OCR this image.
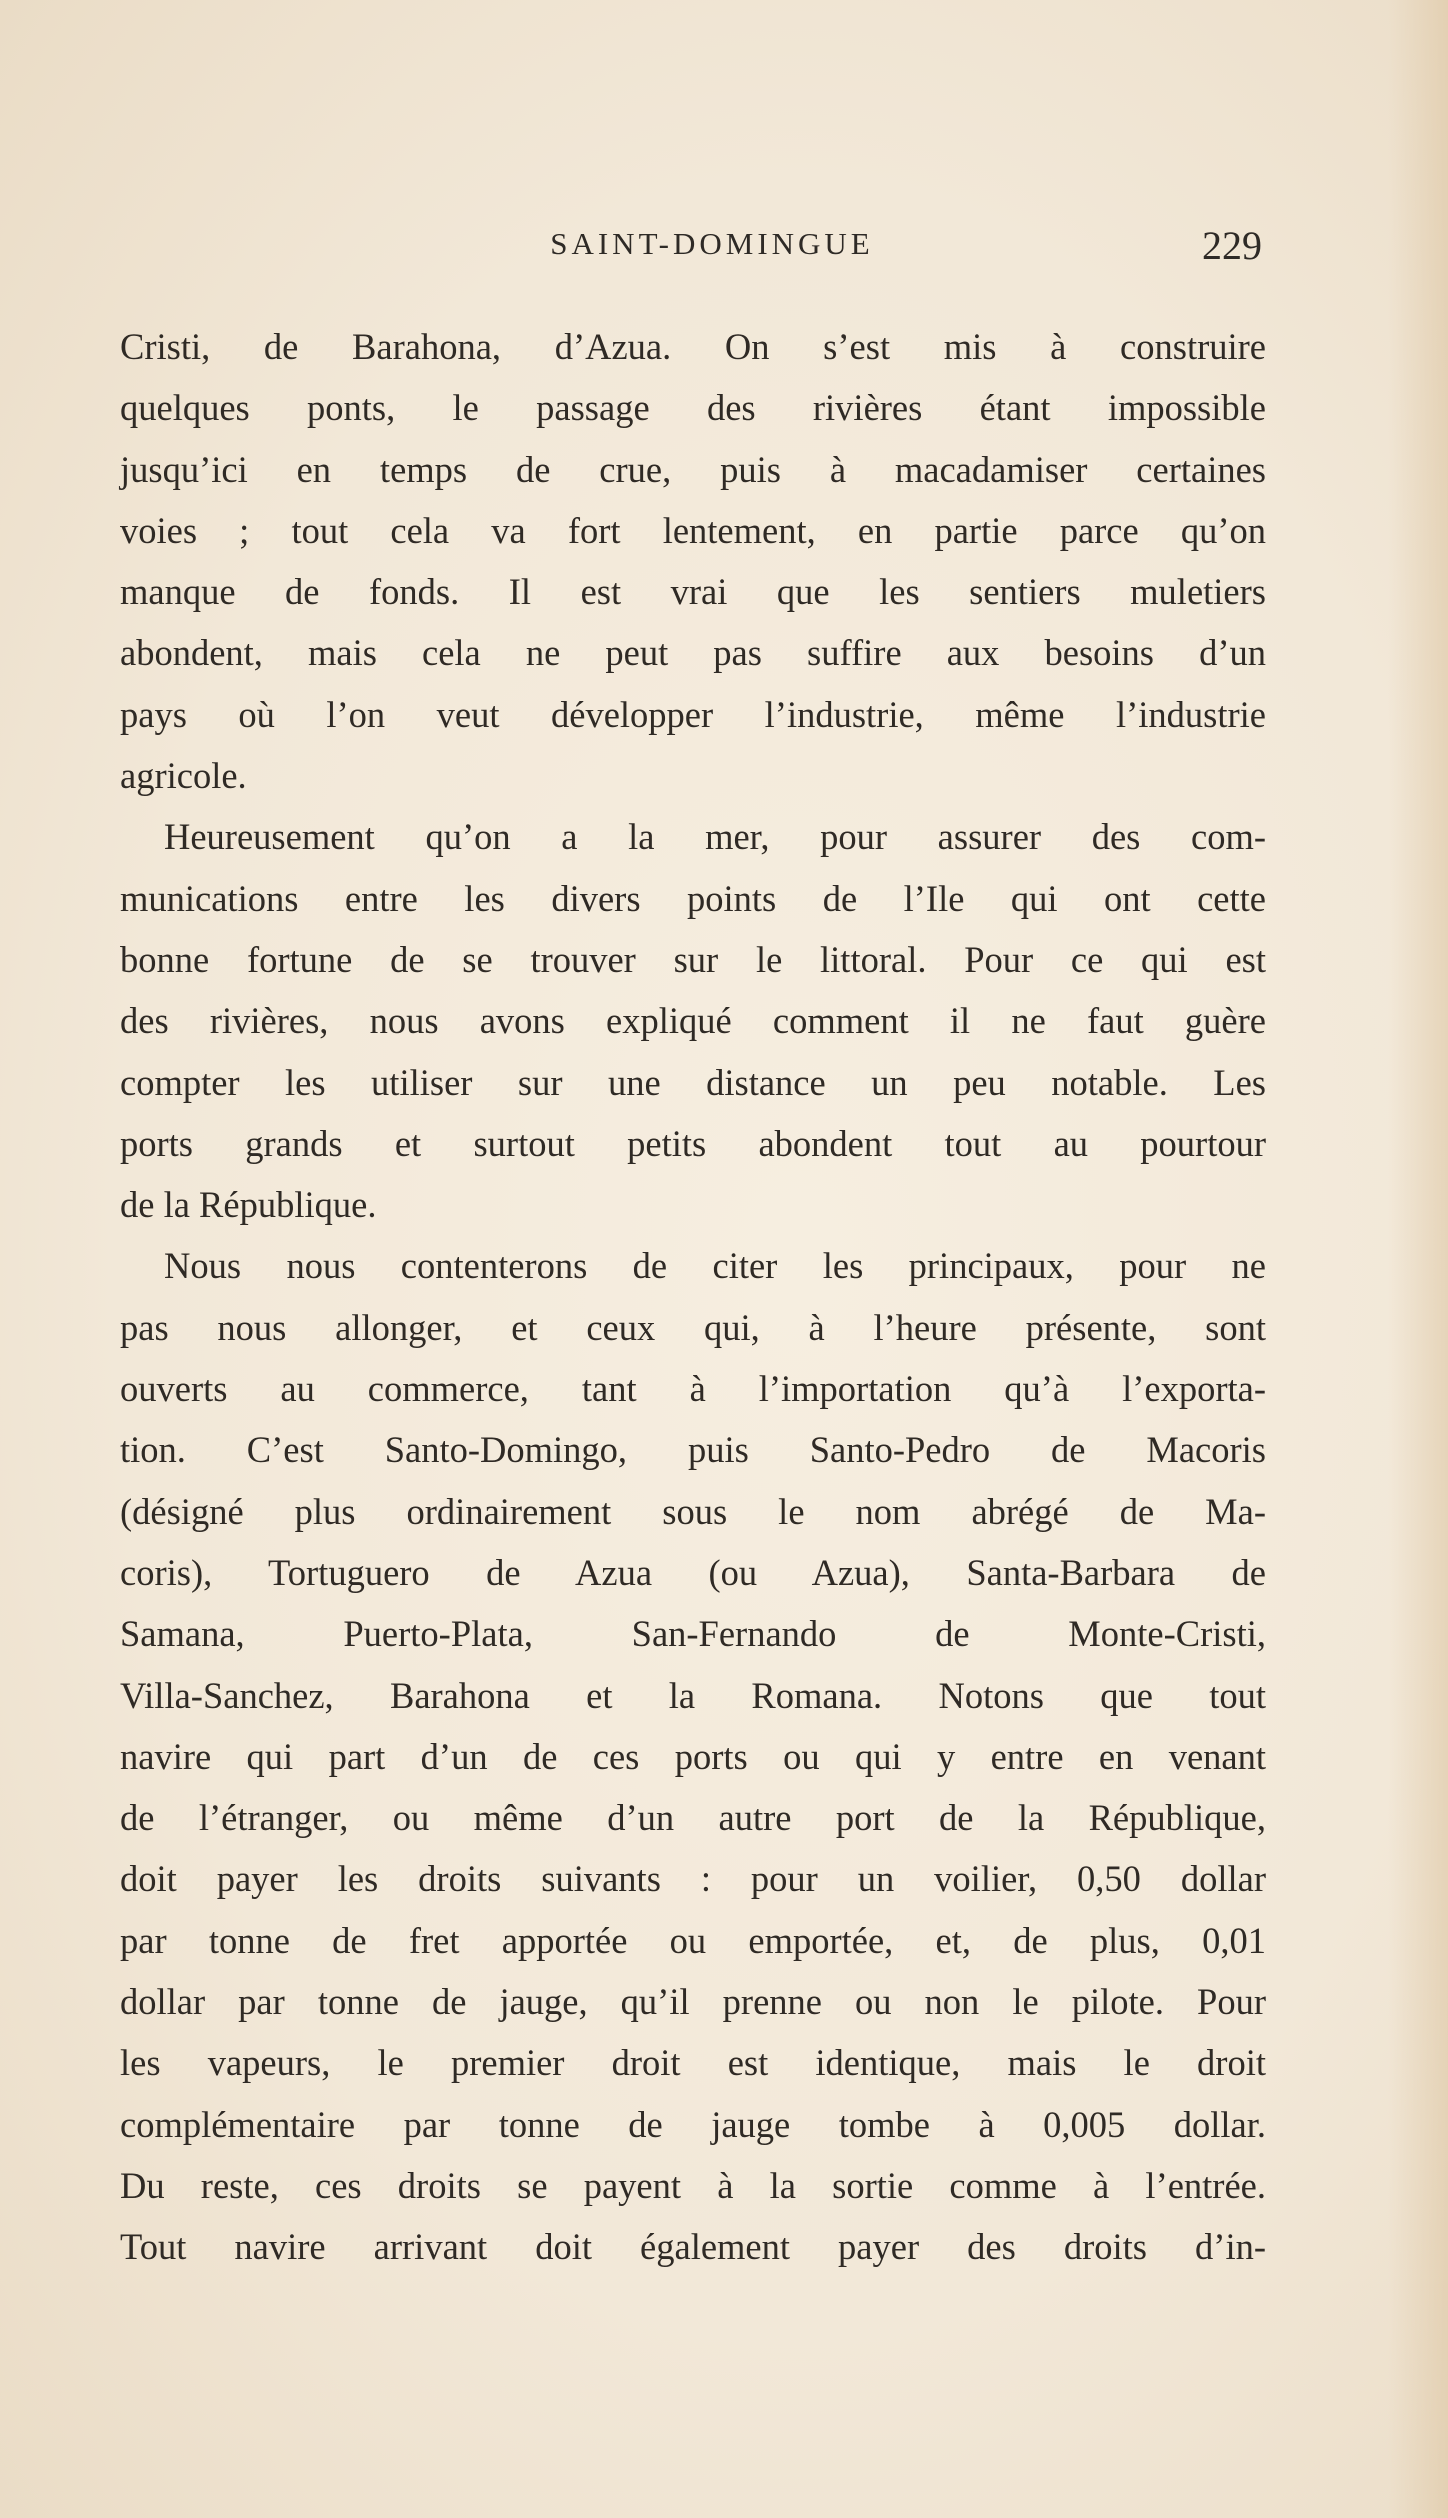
SAINT-DOMINGUE	229
Cristi, de Barahona, d’Azua. On s’est mis à construire
quelques ponts, le passage des rivières étant impossible
jusqu’ici en temps de crue, puis à macadamiser certaines
voies ; tout cela va fort lentement, en partie parce qu’on
manque de fonds. Il est vrai que les sentiers muletiers
abondent, mais cela ne peut pas suffire aux besoins d’un
pays où l’on veut développer l’industrie, même l’industrie
agricole.
Heureusement qu’on a la mer, pour assurer des com-
munications entre les divers points de l’Ile qui ont cette
bonne fortune de se trouver sur le littoral. Pour ce qui est
des rivières, nous avons expliqué comment il ne faut guère
compter les utiliser sur une distance un peu notable. Les
ports grands et surtout petits abondent tout au pourtour
de la République.
Nous nous contenterons de citer les principaux, pour ne
pas nous allonger, et ceux qui, à l’heure présente, sont
ouverts au commerce, tant à l’importation qu’à l’exporta-
tion. C’est Santo-Domingo, puis Santo-Pedro de Macoris
(désigné plus ordinairement sous le nom abrégé de Ma-
coris), Tortuguero de Azua (ou Azua), Santa-Barbara de
Samana, Puerto-Plata, San-Fernando de Monte-Cristi,
Villa-Sanchez, Barahona et la Romana. Notons que tout
navire qui part d’un de ces ports ou qui y entre en venant
de l’étranger, ou même d’un autre port de la République,
doit payer les droits suivants : pour un voilier, 0,50 dollar
par tonne de fret apportée ou emportée, et, de plus, 0,01
dollar par tonne de jauge, qu’il prenne ou non le pilote. Pour
les vapeurs, le premier droit est identique, mais le droit
complémentaire par tonne de jauge tombe à 0,005 dollar.
Du reste, ces droits se payent à la sortie comme à l’entrée.
Tout navire arrivant doit également payer des droits d’in-
